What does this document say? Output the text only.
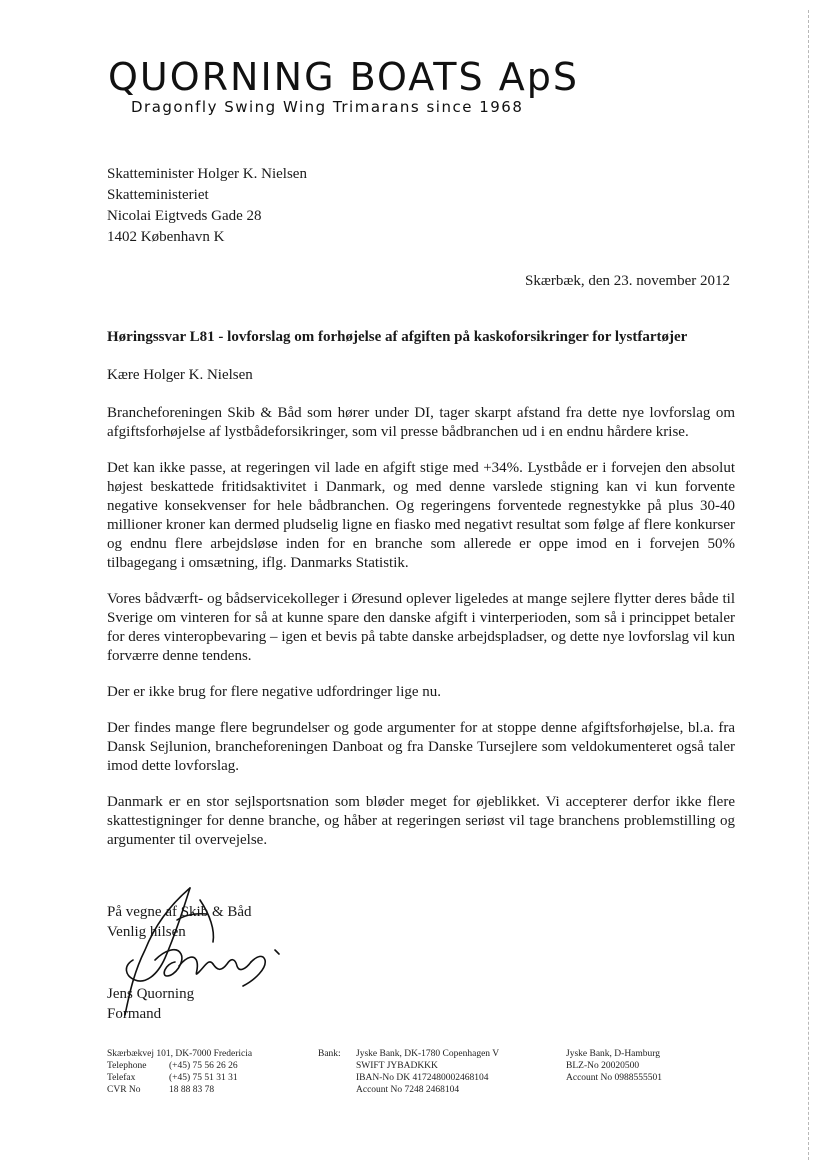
QUORNING BOATS ApS
Dragonfly Swing Wing Trimarans since 1968
Skatteminister Holger K. Nielsen
Skatteministeriet
Nicolai Eigtveds Gade 28
1402 København K
Skærbæk, den 23. november 2012
Høringssvar L81 - lovforslag om forhøjelse af afgiften på kaskoforsikringer for lystfartøjer
Kære Holger K. Nielsen

Brancheforeningen Skib & Båd som hører under DI, tager skarpt afstand fra dette nye lovforslag om afgiftsforhøjelse af lystbådeforsikringer, som vil presse bådbranchen ud i en endnu hårdere krise.

Det kan ikke passe, at regeringen vil lade en afgift stige med +34%. Lystbåde er i forvejen den absolut højest beskattede fritidsaktivitet i Danmark, og med denne varslede stigning kan vi kun forvente negative konsekvenser for hele bådbranchen. Og regeringens forventede regnestykke på plus 30-40 millioner kroner kan dermed pludselig ligne en fiasko med negativt resultat som følge af flere konkurser og endnu flere arbejdsløse inden for en branche som allerede er oppe imod en i forvejen 50% tilbagegang i omsætning, iflg. Danmarks Statistik.

Vores bådværft- og bådservicekolleger i Øresund oplever ligeledes at mange sejlere flytter deres både til Sverige om vinteren for så at kunne spare den danske afgift i vinterperioden, som så i princippet betaler for deres vinteropbevaring – igen et bevis på tabte danske arbejdspladser, og dette nye lovforslag vil kun forværre denne tendens.

Der er ikke brug for flere negative udfordringer lige nu.

Der findes mange flere begrundelser og gode argumenter for at stoppe denne afgiftsforhøjelse, bl.a. fra Dansk Sejlunion, brancheforeningen Danboat og fra Danske Tursejlere som veldokumenteret også taler imod dette lovforslag.

Danmark er en stor sejlsportsnation som bløder meget for øjeblikket. Vi accepterer derfor ikke flere skattestigninger for denne branche, og håber at regeringen seriøst vil tage branchens problemstilling og argumenter til overvejelse.

På vegne af Skib & Båd
Venlig hilsen
Jens Quorning
Formand
Skærbækvej 101, DK-7000 Fredericia
Telephone	(+45) 75 56 26 26
Telefax	(+45) 75 51 31 31
CVR No	18 88 83 78
Bank:	Jyske Bank, DK-1780 Copenhagen V
SWIFT JYBADKKK
IBAN-No DK 4172480002468104
Account No 7248 2468104
Jyske Bank, D-Hamburg
BLZ-No 20020500
Account No 0988555501
